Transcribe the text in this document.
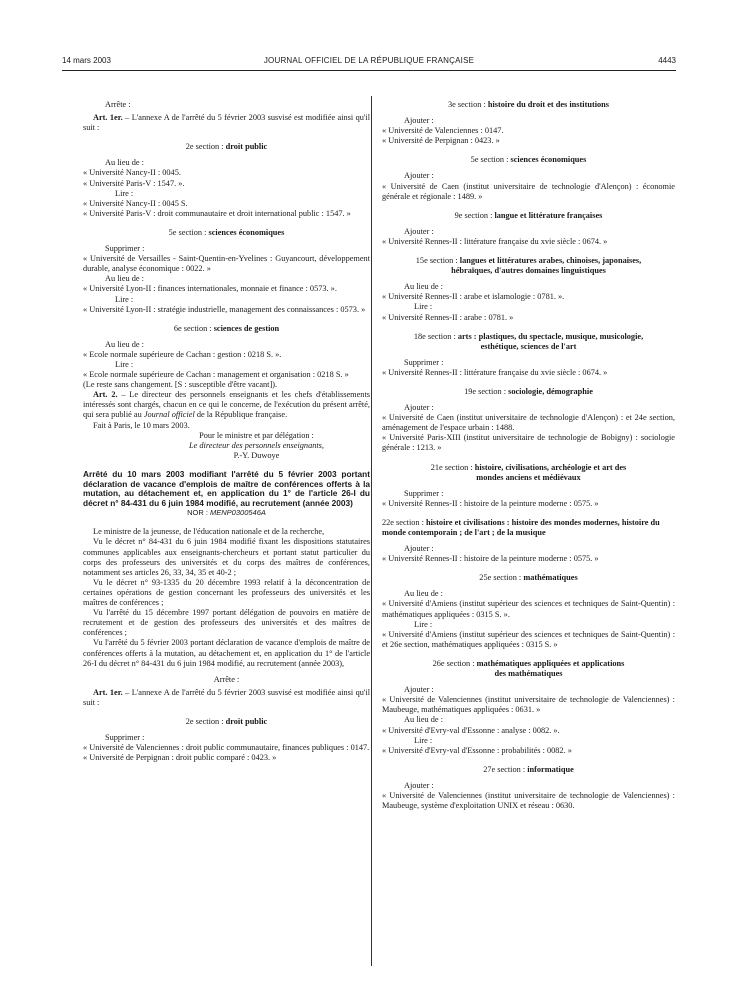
14 mars 2003	JOURNAL OFFICIEL DE LA RÉPUBLIQUE FRANÇAISE	4443

Arrête :

Art. 1er. – L'annexe A de l'arrêté du 5 février 2003 susvisé est modifiée ainsi qu'il suit :

2e section : droit public

Au lieu de :

« Université Nancy-II : 0045.

« Université Paris-V : 1547. ».

Lire :

« Université Nancy-II : 0045 S.

« Université Paris-V : droit communautaire et droit international public : 1547. »

5e section : sciences économiques

Supprimer :

« Université de Versailles - Saint-Quentin-en-Yvelines : Guyancourt, développement durable, analyse économique : 0022. »

Au lieu de :

« Université Lyon-II : finances internationales, monnaie et finance : 0573. ».

Lire :

« Université Lyon-II : stratégie industrielle, management des connaissances : 0573. »

6e section : sciences de gestion

Au lieu de :

« Ecole normale supérieure de Cachan : gestion : 0218 S. ».

Lire :

« Ecole normale supérieure de Cachan : management et organisation : 0218 S. »

(Le reste sans changement. [S : susceptible d'être vacant]).

Art. 2. – Le directeur des personnels enseignants et les chefs d'établissements intéressés sont chargés, chacun en ce qui le concerne, de l'exécution du présent arrêté, qui sera publié au Journal officiel de la République française.

Fait à Paris, le 10 mars 2003.

Pour le ministre et par délégation :

Le directeur des personnels enseignants,

P.-Y. Duwoye

Arrêté du 10 mars 2003 modifiant l'arrêté du 5 février 2003 portant déclaration de vacance d'emplois de maître de conférences offerts à la mutation, au détachement et, en application du 1° de l'article 26-I du décret n° 84-431 du 6 juin 1984 modifié, au recrutement (année 2003)

NOR : MENP0300546A

Le ministre de la jeunesse, de l'éducation nationale et de la recherche,

Vu le décret n° 84-431 du 6 juin 1984 modifié fixant les dispositions statutaires communes applicables aux enseignants-chercheurs et portant statut particulier du corps des professeurs des universités et du corps des maîtres de conférences, notamment ses articles 26, 33, 34, 35 et 40-2 ;

Vu le décret n° 93-1335 du 20 décembre 1993 relatif à la déconcentration de certaines opérations de gestion concernant les professeurs des universités et les maîtres de conférences ;

Vu l'arrêté du 15 décembre 1997 portant délégation de pouvoirs en matière de recrutement et de gestion des professeurs des universités et des maîtres de conférences ;

Vu l'arrêté du 5 février 2003 portant déclaration de vacance d'emplois de maître de conférences offerts à la mutation, au détachement et, en application du 1° de l'article 26-I du décret n° 84-431 du 6 juin 1984 modifié, au recrutement (année 2003),

Arrête :

Art. 1er. – L'annexe A de l'arrêté du 5 février 2003 susvisé est modifiée ainsi qu'il suit :

2e section : droit public

Supprimer :

« Université de Valenciennes : droit public communautaire, finances publiques : 0147.

« Université de Perpignan : droit public comparé : 0423. »

3e section : histoire du droit et des institutions

Ajouter :

« Université de Valenciennes : 0147.

« Université de Perpignan : 0423. »

5e section : sciences économiques

Ajouter :

« Université de Caen (institut universitaire de technologie d'Alençon) : économie générale et régionale : 1489. »

9e section : langue et littérature françaises

Ajouter :

« Université Rennes-II : littérature française du xvie siècle : 0674. »

15e section : langues et littératures arabes, chinoises, japonaises, hébraïques, d'autres domaines linguistiques

Au lieu de :

« Université Rennes-II : arabe et islamologie : 0781. ».

Lire :

« Université Rennes-II : arabe : 0781. »

18e section : arts : plastiques, du spectacle, musique, musicologie, esthétique, sciences de l'art

Supprimer :

« Université Rennes-II : littérature française du xvie siècle : 0674. »

19e section : sociologie, démographie

Ajouter :

« Université de Caen (institut universitaire de technologie d'Alençon) : et 24e section, aménagement de l'espace urbain : 1488.

« Université Paris-XIII (institut universitaire de technologie de Bobigny) : sociologie générale : 1213. »

21e section : histoire, civilisations, archéologie et art des mondes anciens et médiévaux

Supprimer :

« Université Rennes-II : histoire de la peinture moderne : 0575. »

22e section : histoire et civilisations : histoire des mondes modernes, histoire du monde contemporain ; de l'art ; de la musique

Ajouter :

« Université Rennes-II : histoire de la peinture moderne : 0575. »

25e section : mathématiques

Au lieu de :

« Université d'Amiens (institut supérieur des sciences et techniques de Saint-Quentin) : mathématiques appliquées : 0315 S. ».

Lire :

« Université d'Amiens (institut supérieur des sciences et techniques de Saint-Quentin) : et 26e section, mathématiques appliquées : 0315 S. »

26e section : mathématiques appliquées et applications des mathématiques

Ajouter :

« Université de Valenciennes (institut universitaire de technologie de Valenciennes) : Maubeuge, mathématiques appliquées : 0631. »

Au lieu de :

« Université d'Evry-val d'Essonne : analyse : 0082. ».

Lire :

« Université d'Evry-val d'Essonne : probabilités : 0082. »

27e section : informatique

Ajouter :

« Université de Valenciennes (institut universitaire de technologie de Valenciennes) : Maubeuge, système d'exploitation UNIX et réseau : 0630.
